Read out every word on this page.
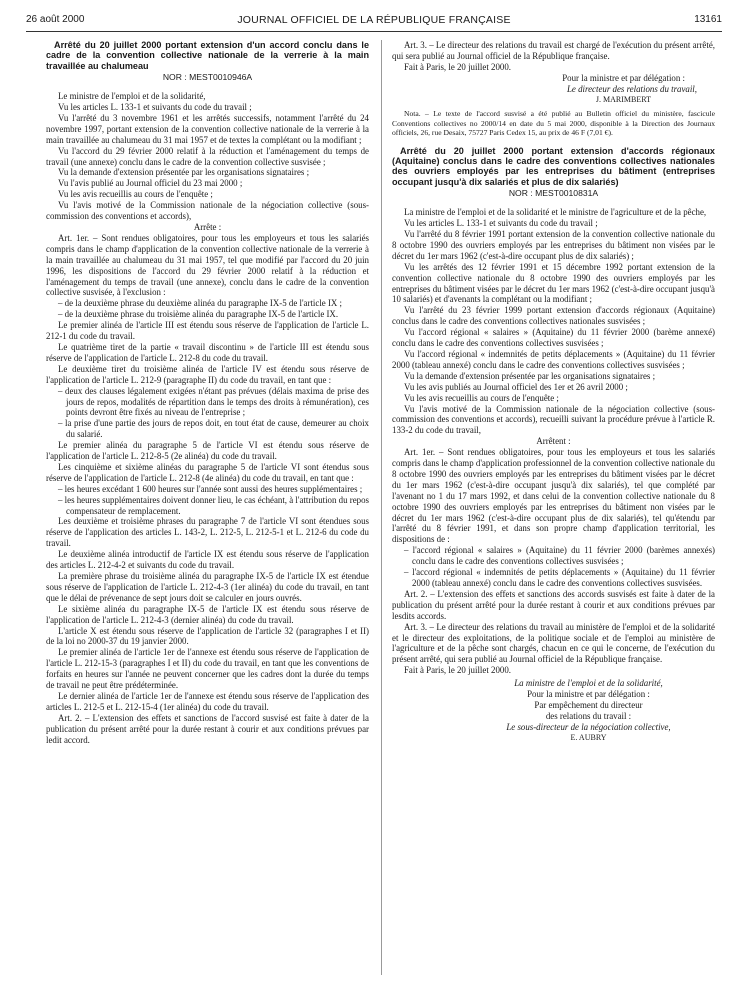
26 août 2000	JOURNAL OFFICIEL DE LA RÉPUBLIQUE FRANÇAISE	13161

Arrêté du 20 juillet 2000 portant extension d'un accord conclu dans le cadre de la convention collective nationale de la verrerie à la main travaillée au chalumeau

NOR : MEST0010946A

Le ministre de l'emploi et de la solidarité,

Vu les articles L. 133-1 et suivants du code du travail ;

Vu l'arrêté du 3 novembre 1961 et les arrêtés successifs, notamment l'arrêté du 24 novembre 1997, portant extension de la convention collective nationale de la verrerie à la main travaillée au chalumeau du 31 mai 1957 et de textes la complétant ou la modifiant ;

Vu l'accord du 29 février 2000 relatif à la réduction et l'aménagement du temps de travail (une annexe) conclu dans le cadre de la convention collective susvisée ;

Vu la demande d'extension présentée par les organisations signataires ;

Vu l'avis publié au Journal officiel du 23 mai 2000 ;

Vu les avis recueillis au cours de l'enquête ;

Vu l'avis motivé de la Commission nationale de la négociation collective (sous-commission des conventions et accords),

Arrête :

Art. 1er. – Sont rendues obligatoires, pour tous les employeurs et tous les salariés compris dans le champ d'application de la convention collective nationale de la verrerie à la main travaillée au chalumeau du 31 mai 1957, tel que modifié par l'accord du 20 juin 1996, les dispositions de l'accord du 29 février 2000 relatif à la réduction et l'aménagement du temps de travail (une annexe), conclu dans le cadre de la convention collective susvisée, à l'exclusion :

– de la deuxième phrase du deuxième alinéa du paragraphe IX-5 de l'article IX ;

– de la deuxième phrase du troisième alinéa du paragraphe IX-5 de l'article IX.

Le premier alinéa de l'article III est étendu sous réserve de l'application de l'article L. 212-1 du code du travail.

Le quatrième tiret de la partie « travail discontinu » de l'article III est étendu sous réserve de l'application de l'article L. 212-8 du code du travail.

Le deuxième tiret du troisième alinéa de l'article IV est étendu sous réserve de l'application de l'article L. 212-9 (paragraphe II) du code du travail, en tant que :

– deux des clauses légalement exigées n'étant pas prévues (délais maxima de prise des jours de repos, modalités de répartition dans le temps des droits à rémunération), ces points devront être fixés au niveau de l'entreprise ;

– la prise d'une partie des jours de repos doit, en tout état de cause, demeurer au choix du salarié.

Le premier alinéa du paragraphe 5 de l'article VI est étendu sous réserve de l'application de l'article L. 212-8-5 (2e alinéa) du code du travail.

Les cinquième et sixième alinéas du paragraphe 5 de l'article VI sont étendus sous réserve de l'application de l'article L. 212-8 (4e alinéa) du code du travail, en tant que :

– les heures excédant 1 600 heures sur l'année sont aussi des heures supplémentaires ;

– les heures supplémentaires doivent donner lieu, le cas échéant, à l'attribution du repos compensateur de remplacement.

Les deuxième et troisième phrases du paragraphe 7 de l'article VI sont étendues sous réserve de l'application des articles L. 143-2, L. 212-5, L. 212-5-1 et L. 212-6 du code du travail.

Le deuxième alinéa introductif de l'article IX est étendu sous réserve de l'application des articles L. 212-4-2 et suivants du code du travail.

La première phrase du troisième alinéa du paragraphe IX-5 de l'article IX est étendue sous réserve de l'application de l'article L. 212-4-3 (1er alinéa) du code du travail, en tant que le délai de prévenance de sept jours doit se calculer en jours ouvrés.

Le sixième alinéa du paragraphe IX-5 de l'article IX est étendu sous réserve de l'application de l'article L. 212-4-3 (dernier alinéa) du code du travail.

L'article X est étendu sous réserve de l'application de l'article 32 (paragraphes I et II) de la loi no 2000-37 du 19 janvier 2000.

Le premier alinéa de l'article 1er de l'annexe est étendu sous réserve de l'application de l'article L. 212-15-3 (paragraphes I et II) du code du travail, en tant que les conventions de forfaits en heures sur l'année ne peuvent concerner que les cadres dont la durée du temps de travail ne peut être prédéterminée.

Le dernier alinéa de l'article 1er de l'annexe est étendu sous réserve de l'application des articles L. 212-5 et L. 212-15-4 (1er alinéa) du code du travail.

Art. 2. – L'extension des effets et sanctions de l'accord susvisé est faite à dater de la publication du présent arrêté pour la durée restant à courir et aux conditions prévues par ledit accord.

Art. 3. – Le directeur des relations du travail est chargé de l'exécution du présent arrêté, qui sera publié au Journal officiel de la République française.

Fait à Paris, le 20 juillet 2000.

Pour la ministre et par délégation :

Le directeur des relations du travail,

J. MARIMBERT

Nota. – Le texte de l'accord susvisé a été publié au Bulletin officiel du ministère, fascicule Conventions collectives no 2000/14 en date du 5 mai 2000, disponible à la Direction des Journaux officiels, 26, rue Desaix, 75727 Paris Cedex 15, au prix de 46 F (7,01 €).

Arrêté du 20 juillet 2000 portant extension d'accords régionaux (Aquitaine) conclus dans le cadre des conventions collectives nationales des ouvriers employés par les entreprises du bâtiment (entreprises occupant jusqu'à dix salariés et plus de dix salariés)

NOR : MEST0010831A

La ministre de l'emploi et de la solidarité et le ministre de l'agriculture et de la pêche,

Vu les articles L. 133-1 et suivants du code du travail ;

Vu l'arrêté du 8 février 1991 portant extension de la convention collective nationale du 8 octobre 1990 des ouvriers employés par les entreprises du bâtiment non visées par le décret du 1er mars 1962 (c'est-à-dire occupant plus de dix salariés) ;

Vu les arrêtés des 12 février 1991 et 15 décembre 1992 portant extension de la convention collective nationale du 8 octobre 1990 des ouvriers employés par les entreprises du bâtiment visées par le décret du 1er mars 1962 (c'est-à-dire occupant jusqu'à 10 salariés) et d'avenants la complétant ou la modifiant ;

Vu l'arrêté du 23 février 1999 portant extension d'accords régionaux (Aquitaine) conclus dans le cadre des conventions collectives nationales susvisées ;

Vu l'accord régional « salaires » (Aquitaine) du 11 février 2000 (barème annexé) conclu dans le cadre des conventions collectives susvisées ;

Vu l'accord régional « indemnités de petits déplacements » (Aquitaine) du 11 février 2000 (tableau annexé) conclu dans le cadre des conventions collectives susvisées ;

Vu la demande d'extension présentée par les organisations signataires ;

Vu les avis publiés au Journal officiel des 1er et 26 avril 2000 ;

Vu les avis recueillis au cours de l'enquête ;

Vu l'avis motivé de la Commission nationale de la négociation collective (sous-commission des conventions et accords), recueilli suivant la procédure prévue à l'article R. 133-2 du code du travail,

Arrêtent :

Art. 1er. – Sont rendues obligatoires, pour tous les employeurs et tous les salariés compris dans le champ d'application professionnel de la convention collective nationale du 8 octobre 1990 des ouvriers employés par les entreprises du bâtiment visées par le décret du 1er mars 1962 (c'est-à-dire occupant jusqu'à dix salariés), tel que complété par l'avenant no 1 du 17 mars 1992, et dans celui de la convention collective nationale du 8 octobre 1990 des ouvriers employés par les entreprises du bâtiment non visées par le décret du 1er mars 1962 (c'est-à-dire occupant plus de dix salariés), tel qu'étendu par l'arrêté du 8 février 1991, et dans son propre champ d'application territorial, les dispositions de :

– l'accord régional « salaires » (Aquitaine) du 11 février 2000 (barèmes annexés) conclu dans le cadre des conventions collectives susvisées ;

– l'accord régional « indemnités de petits déplacements » (Aquitaine) du 11 février 2000 (tableau annexé) conclu dans le cadre des conventions collectives susvisées.

Art. 2. – L'extension des effets et sanctions des accords susvisés est faite à dater de la publication du présent arrêté pour la durée restant à courir et aux conditions prévues par lesdits accords.

Art. 3. – Le directeur des relations du travail au ministère de l'emploi et de la solidarité et le directeur des exploitations, de la politique sociale et de l'emploi au ministère de l'agriculture et de la pêche sont chargés, chacun en ce qui le concerne, de l'exécution du présent arrêté, qui sera publié au Journal officiel de la République française.

Fait à Paris, le 20 juillet 2000.

La ministre de l'emploi et de la solidarité,

Pour la ministre et par délégation :

Par empêchement du directeur

des relations du travail :

Le sous-directeur de la négociation collective,

E. AUBRY
